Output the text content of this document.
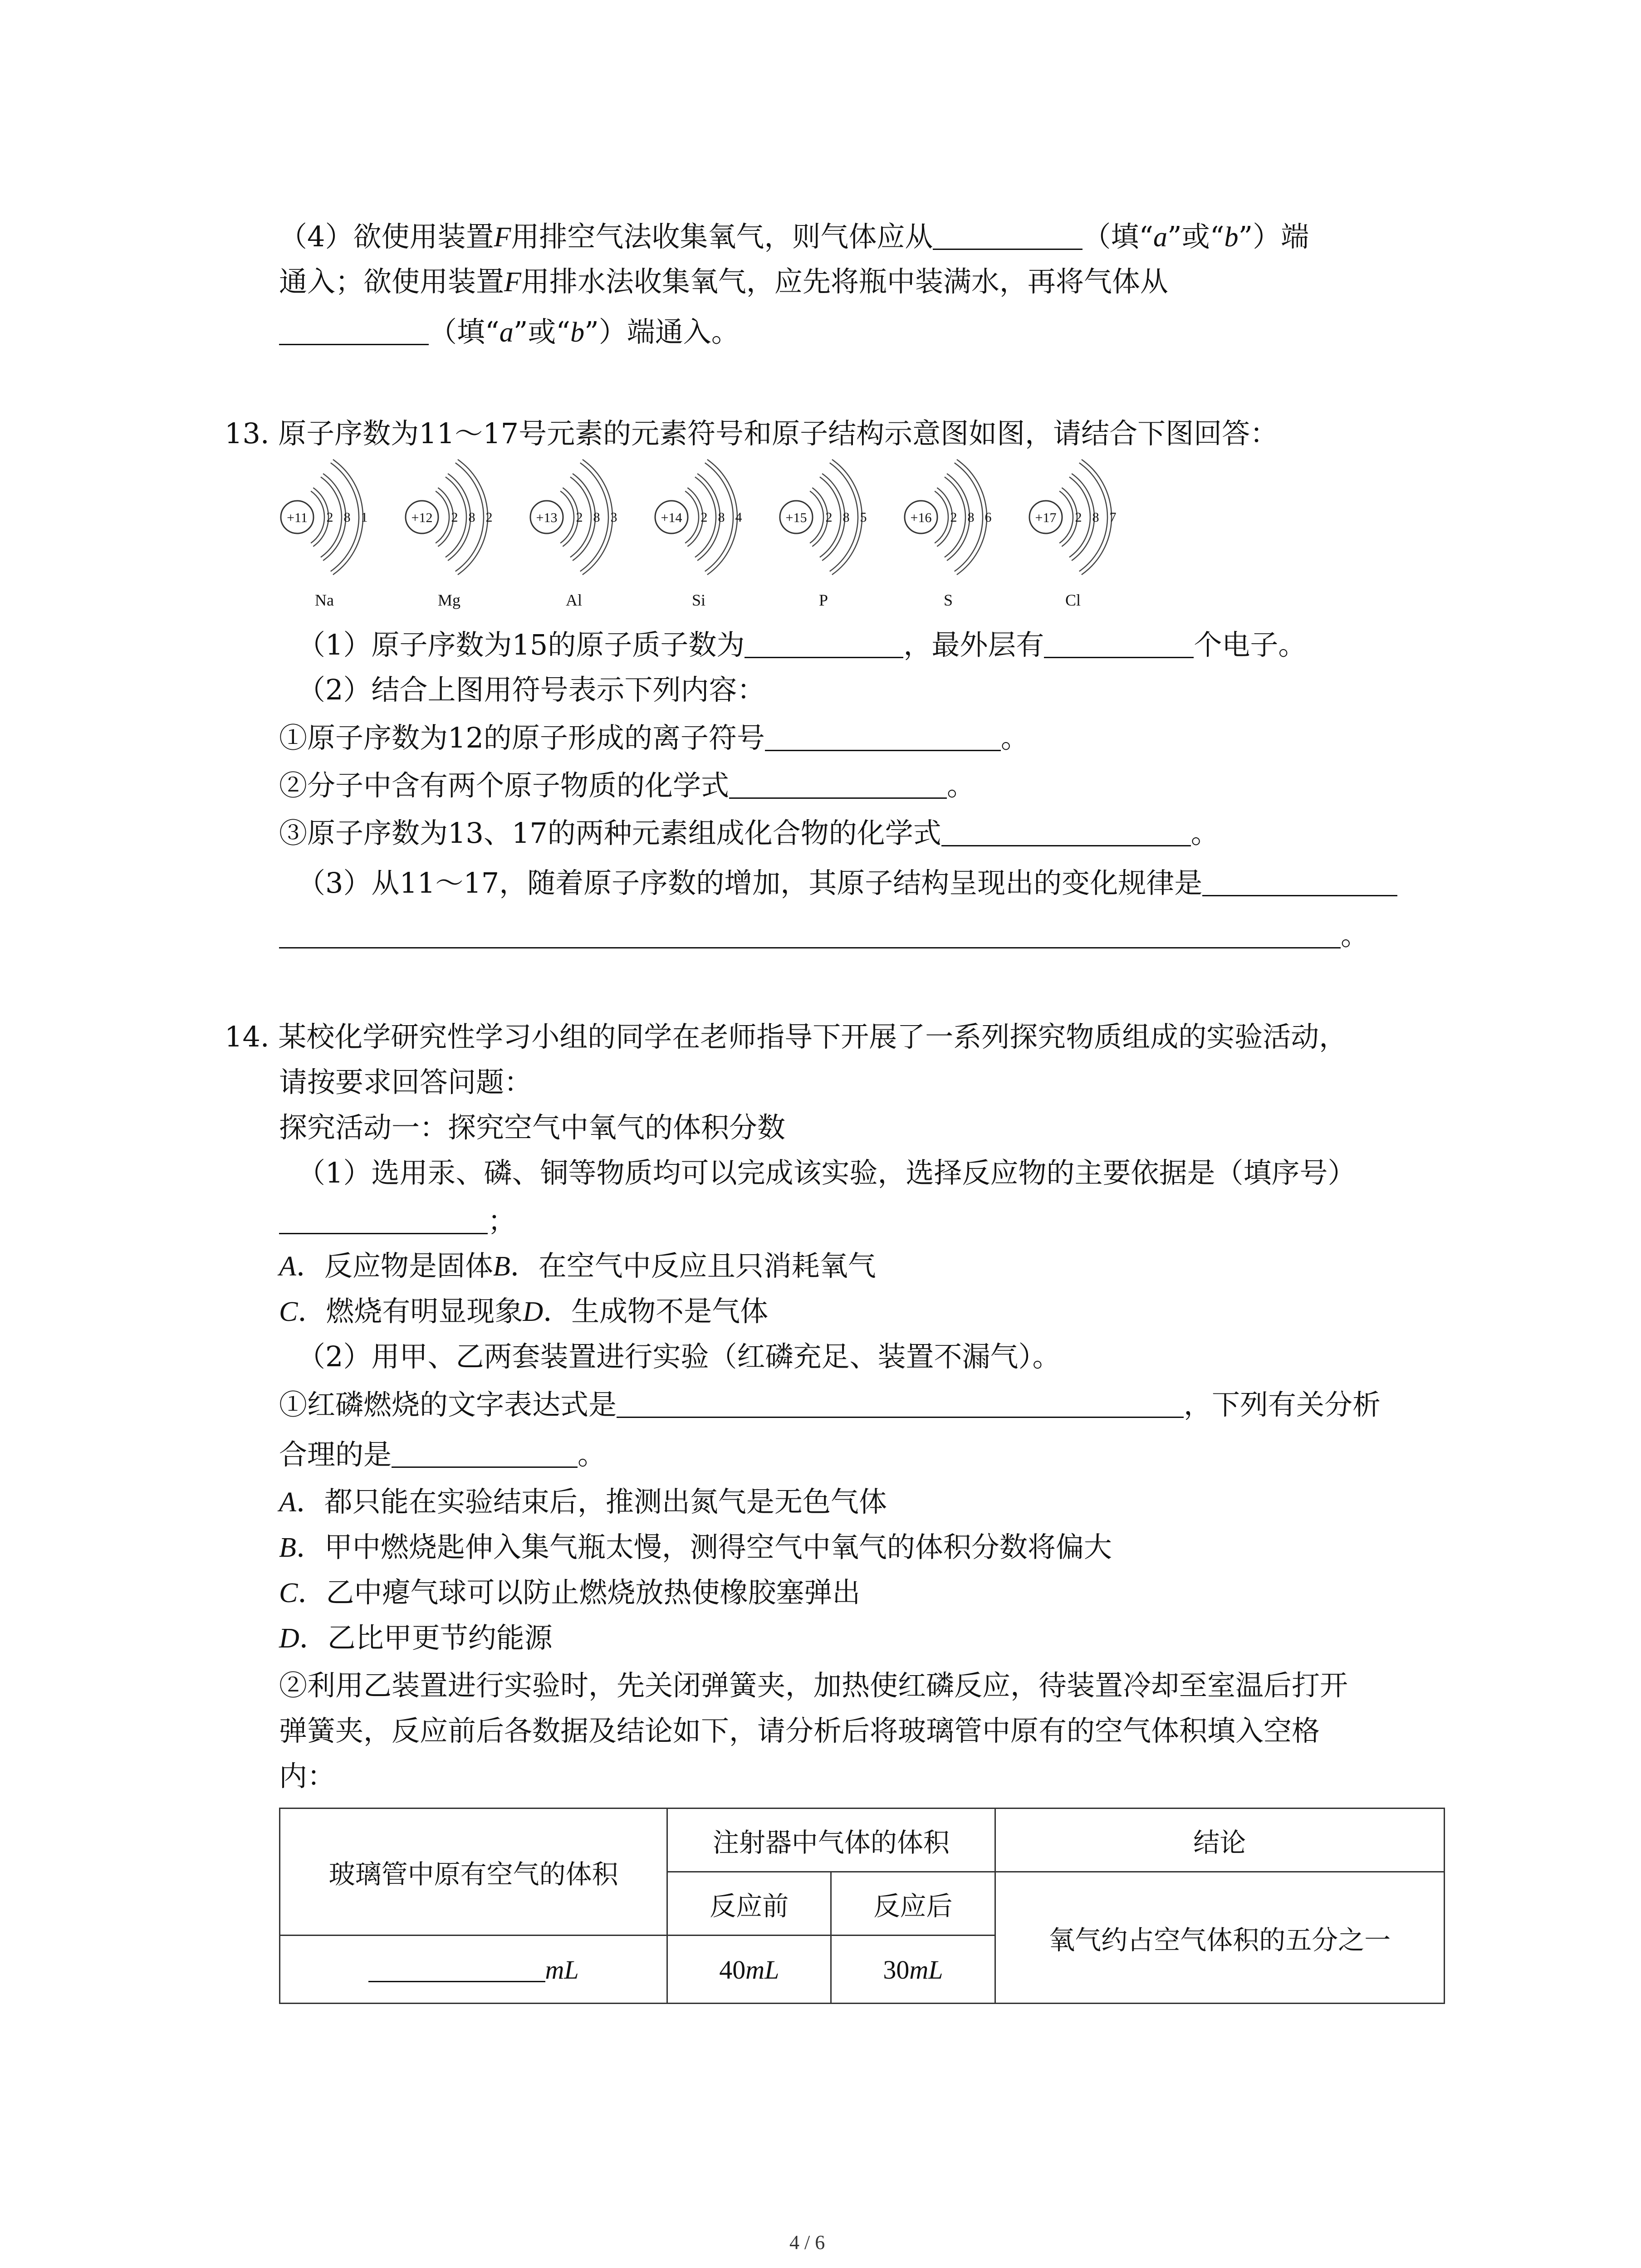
（4）欲使用装置F用排空气法收集氧气，则气体应从	（填“a”或“b”）端
通入；欲使用装置F用排水法收集氧气，应先将瓶中装满水，再将气体从
（填“a”或“b”）端通入。
13. 原子序数为11～17号元素的元素符号和原子结构示意图如图，请结合下图回答：
+11 2 8 1
Na
+12 2 8 2
Mg
+13 2 8 3
Al
+14 2 8 4
Si
+15 2 8 5
P
+16 2 8 6
S
+17 2 8 7
Cl
（1）原子序数为15的原子质子数为	，最外层有	个电子。
（2）结合上图用符号表示下列内容：
①原子序数为12的原子形成的离子符号	。
②分子中含有两个原子物质的化学式	。
③原子序数为13、17的两种元素组成化合物的化学式	。
（3）从11～17，随着原子序数的增加，其原子结构呈现出的变化规律是
。
14. 某校化学研究性学习小组的同学在老师指导下开展了一系列探究物质组成的实验活动，
请按要求回答问题：
探究活动一：探究空气中氧气的体积分数
（1）选用汞、磷、铜等物质均可以完成该实验，选择反应物的主要依据是（填序号）
；
A．反应物是固体B．在空气中反应且只消耗氧气
C．燃烧有明显现象D．生成物不是气体
（2）用甲、乙两套装置进行实验（红磷充足、装置不漏气）。
①红磷燃烧的文字表达式是	，下列有关分析
合理的是	。
A．都只能在实验结束后，推测出氮气是无色气体
B．甲中燃烧匙伸入集气瓶太慢，测得空气中氧气的体积分数将偏大
C．乙中瘪气球可以防止燃烧放热使橡胶塞弹出
D．乙比甲更节约能源
②利用乙装置进行实验时，先关闭弹簧夹，加热使红磷反应，待装置冷却至室温后打开
弹簧夹，反应前后各数据及结论如下，请分析后将玻璃管中原有的空气体积填入空格
内：
玻璃管中原有空气的体积	注射器中气体的体积		结论
	反应前	反应后	氧气约占空气体积的五分之一
mL	40mL	30mL	
4 / 6
